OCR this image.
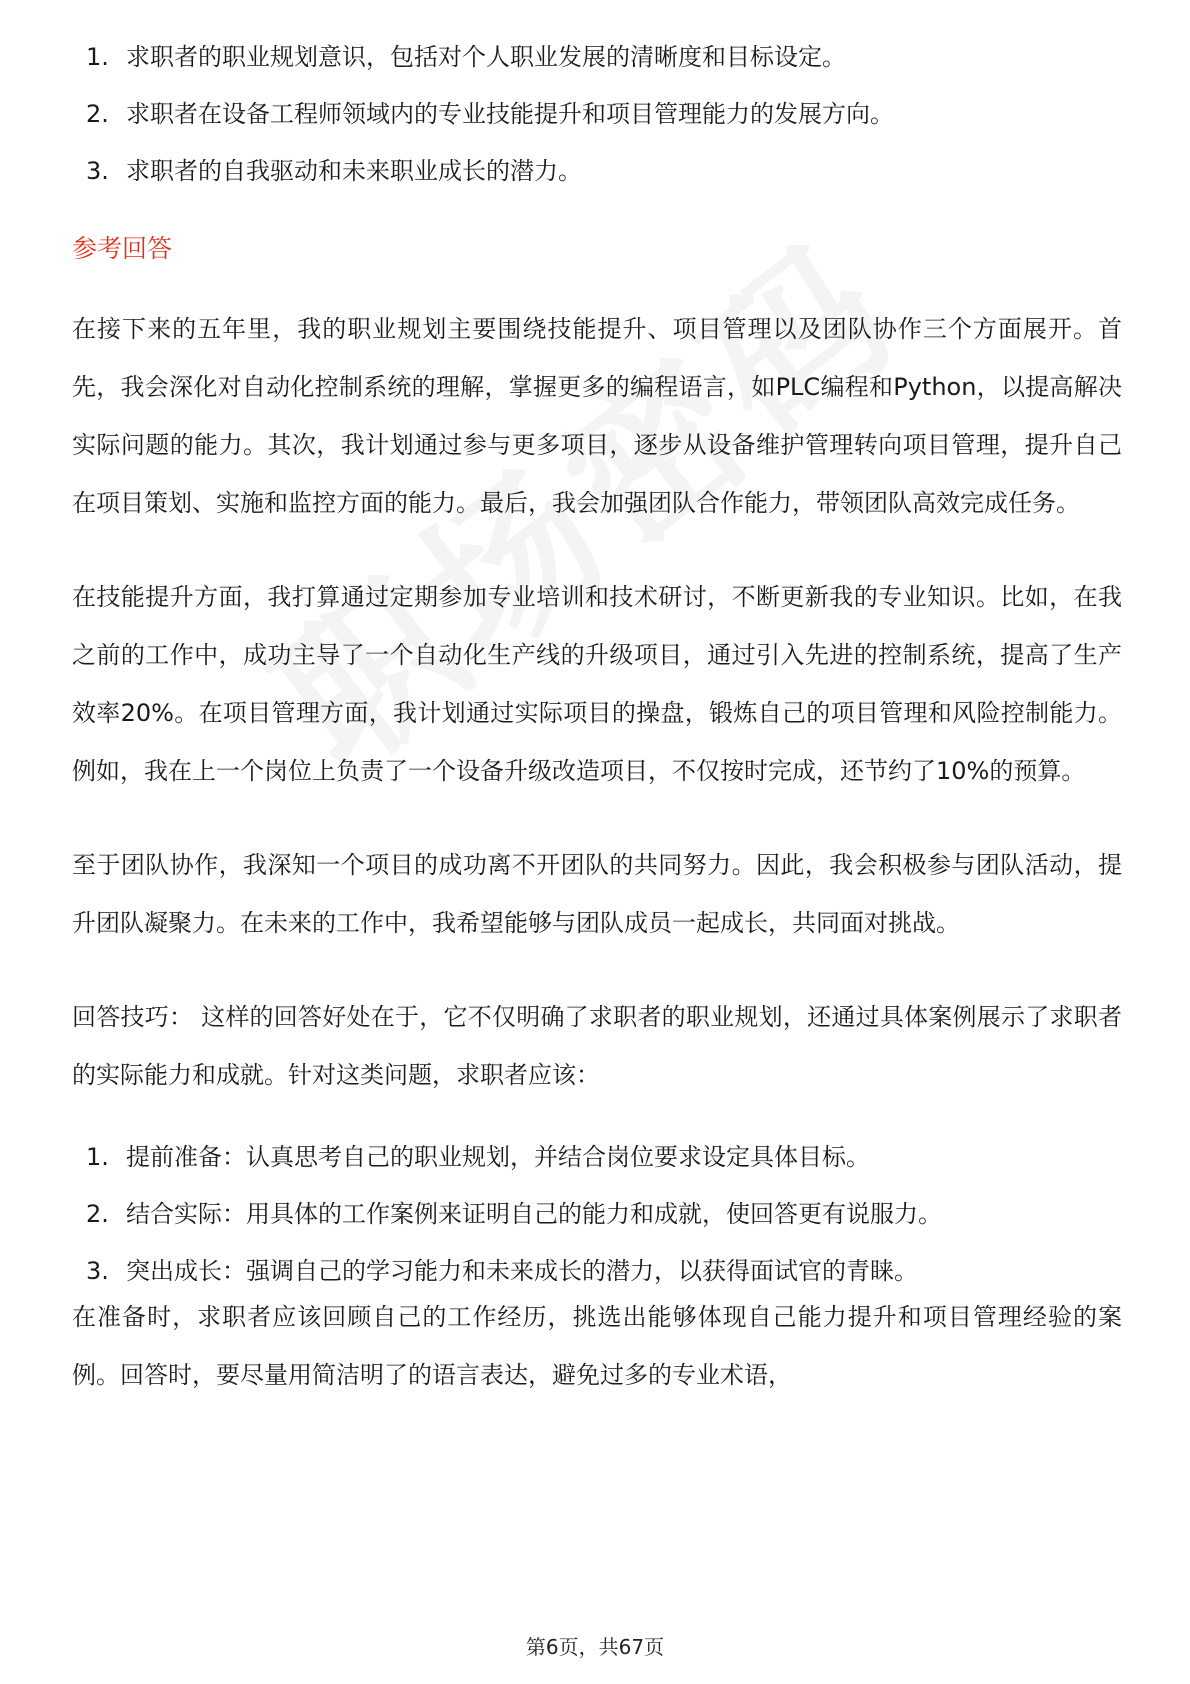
1. 求职者的职业规划意识，包括对个人职业发展的清晰度和目标设定。
2. 求职者在设备工程师领域内的专业技能提升和项目管理能力的发展方向。
3. 求职者的自我驱动和未来职业成长的潜力。
参考回答

在接下来的五年里，我的职业规划主要围绕技能提升、项目管理以及团队协作三个方面展开。首先，我会深化对自动化控制系统的理解，掌握更多的编程语言，如PLC编程和Python，以提高解决实际问题的能力。其次，我计划通过参与更多项目，逐步从设备维护管理转向项目管理，提升自己在项目策划、实施和监控方面的能力。最后，我会加强团队合作能力，带领团队高效完成任务。

在技能提升方面，我打算通过定期参加专业培训和技术研讨，不断更新我的专业知识。比如，在我之前的工作中，成功主导了一个自动化生产线的升级项目，通过引入先进的控制系统，提高了生产效率20%。在项目管理方面，我计划通过实际项目的操盘，锻炼自己的项目管理和风险控制能力。例如，我在上一个岗位上负责了一个设备升级改造项目，不仅按时完成，还节约了10%的预算。

至于团队协作，我深知一个项目的成功离不开团队的共同努力。因此，我会积极参与团队活动，提升团队凝聚力。在未来的工作中，我希望能够与团队成员一起成长，共同面对挑战。

回答技巧： 这样的回答好处在于，它不仅明确了求职者的职业规划，还通过具体案例展示了求职者的实际能力和成就。针对这类问题，求职者应该：

1. 提前准备：认真思考自己的职业规划，并结合岗位要求设定具体目标。
2. 结合实际：用具体的工作案例来证明自己的能力和成就，使回答更有说服力。
3. 突出成长：强调自己的学习能力和未来成长的潜力，以获得面试官的青睐。

在准备时，求职者应该回顾自己的工作经历，挑选出能够体现自己能力提升和项目管理经验的案例。回答时，要尽量用简洁明了的语言表达，避免过多的专业术语，

第6页，共67页
